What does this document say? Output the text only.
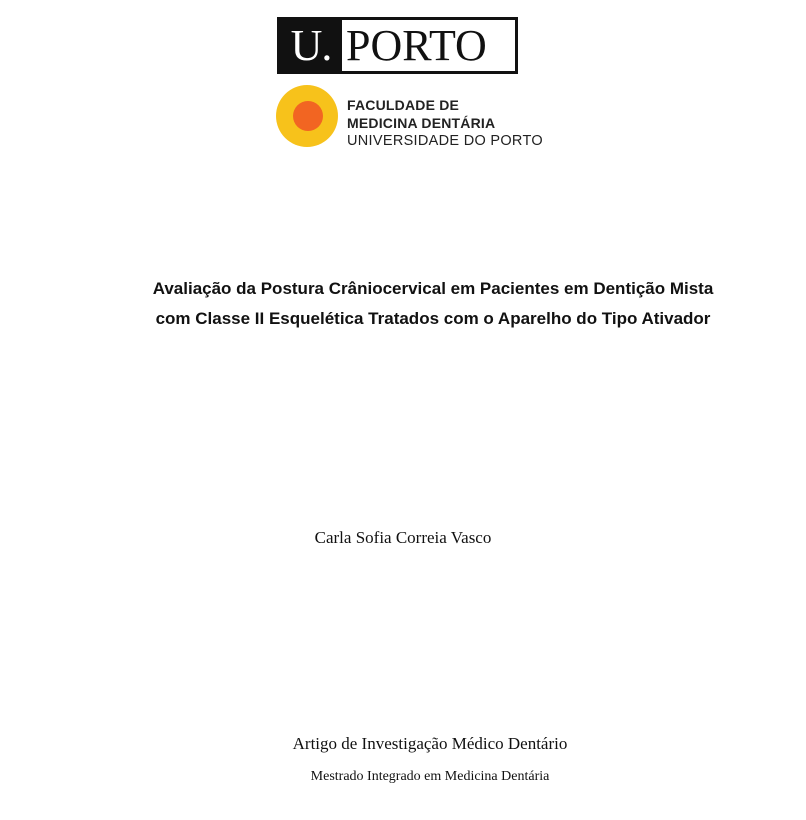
U. PORTO
FACULDADE DE
MEDICINA DENTÁRIA
UNIVERSIDADE DO PORTO
Avaliação da Postura Crâniocervical em Pacientes em Dentição Mista
com Classe II Esquelética Tratados com o Aparelho do Tipo Ativador
Carla Sofia Correia Vasco
Artigo de Investigação Médico Dentário
Mestrado Integrado em Medicina Dentária
